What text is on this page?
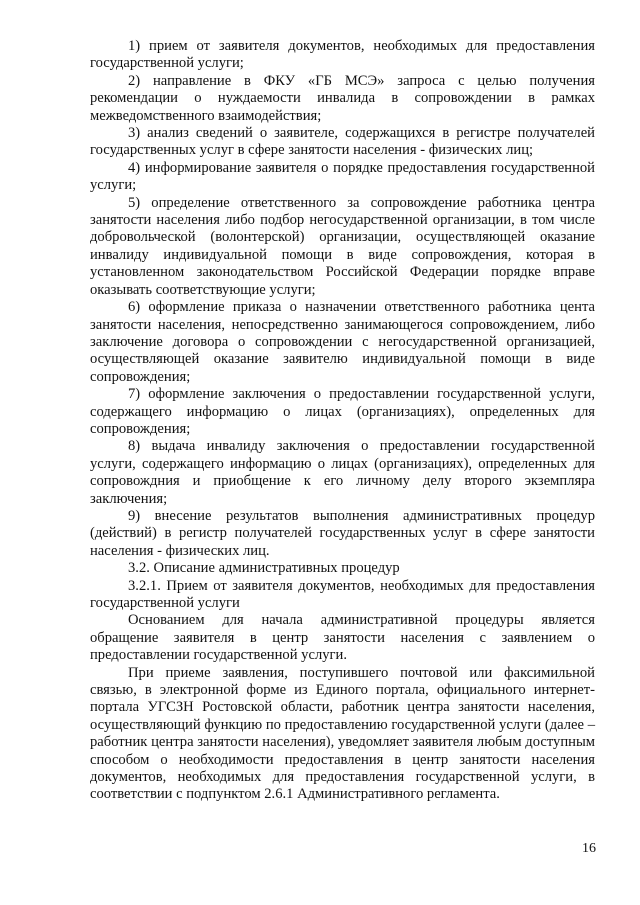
1) прием от заявителя документов, необходимых для предоставления государственной услуги;

2) направление в ФКУ «ГБ МСЭ» запроса с целью получения рекомендации о нуждаемости инвалида в сопровождении в рамках межведомственного взаимодействия;

3) анализ сведений о заявителе, содержащихся в регистре получателей государственных услуг в сфере занятости населения - физических лиц;

4) информирование заявителя о порядке предоставления государственной услуги;

5) определение ответственного за сопровождение работника центра занятости населения либо подбор негосударственной организации, в том числе добровольческой (волонтерской) организации, осуществляющей оказание инвалиду индивидуальной помощи в виде сопровождения, которая в установленном законодательством Российской Федерации порядке вправе оказывать соответствующие услуги;

6) оформление приказа о назначении ответственного работника цента занятости населения, непосредственно занимающегося сопровождением, либо заключение договора о сопровождении с негосударственной организацией, осуществляющей оказание заявителю индивидуальной помощи в виде сопровождения;

7) оформление заключения о предоставлении государственной услуги, содержащего информацию о лицах (организациях), определенных для сопровождения;

8) выдача инвалиду заключения о предоставлении государственной услуги, содержащего информацию о лицах (организациях), определенных для сопровождния и приобщение к его личному делу второго экземпляра заключения;

9) внесение результатов выполнения административных процедур (действий) в регистр получателей государственных услуг в сфере занятости населения - физических лиц.

3.2. Описание административных процедур

3.2.1. Прием от заявителя документов, необходимых для предоставления государственной услуги

Основанием для начала административной процедуры является обращение заявителя в центр занятости населения с заявлением о предоставлении государственной услуги.

При приеме заявления, поступившего почтовой или факсимильной связью, в электронной форме из Единого портала, официального интернет-портала УГСЗН Ростовской области, работник центра занятости населения, осуществляющий функцию по предоставлению государственной услуги (далее – работник центра занятости населения), уведомляет заявителя любым доступным способом о необходимости предоставления в центр занятости населения документов, необходимых для предоставления государственной услуги, в соответствии с подпунктом 2.6.1 Административного регламента.

16
